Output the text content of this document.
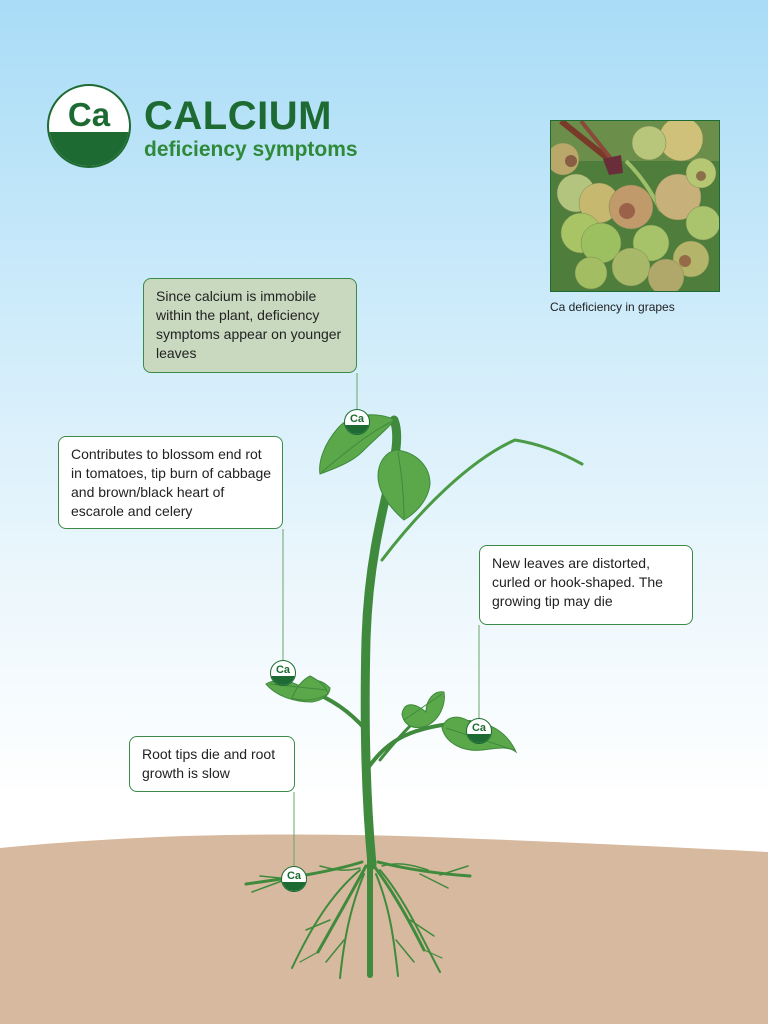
Ca CALCIUM
deficiency symptoms
Ca deficiency in grapes
Since calcium is immobile within the plant, deficiency symptoms appear on younger leaves
Contributes to blossom end rot in tomatoes, tip burn of cabbage and brown/black heart of escarole and celery
New leaves are distorted, curled or hook-shaped. The growing tip may die
Root tips die and root growth is slow
Ca
Ca
Ca
Ca
